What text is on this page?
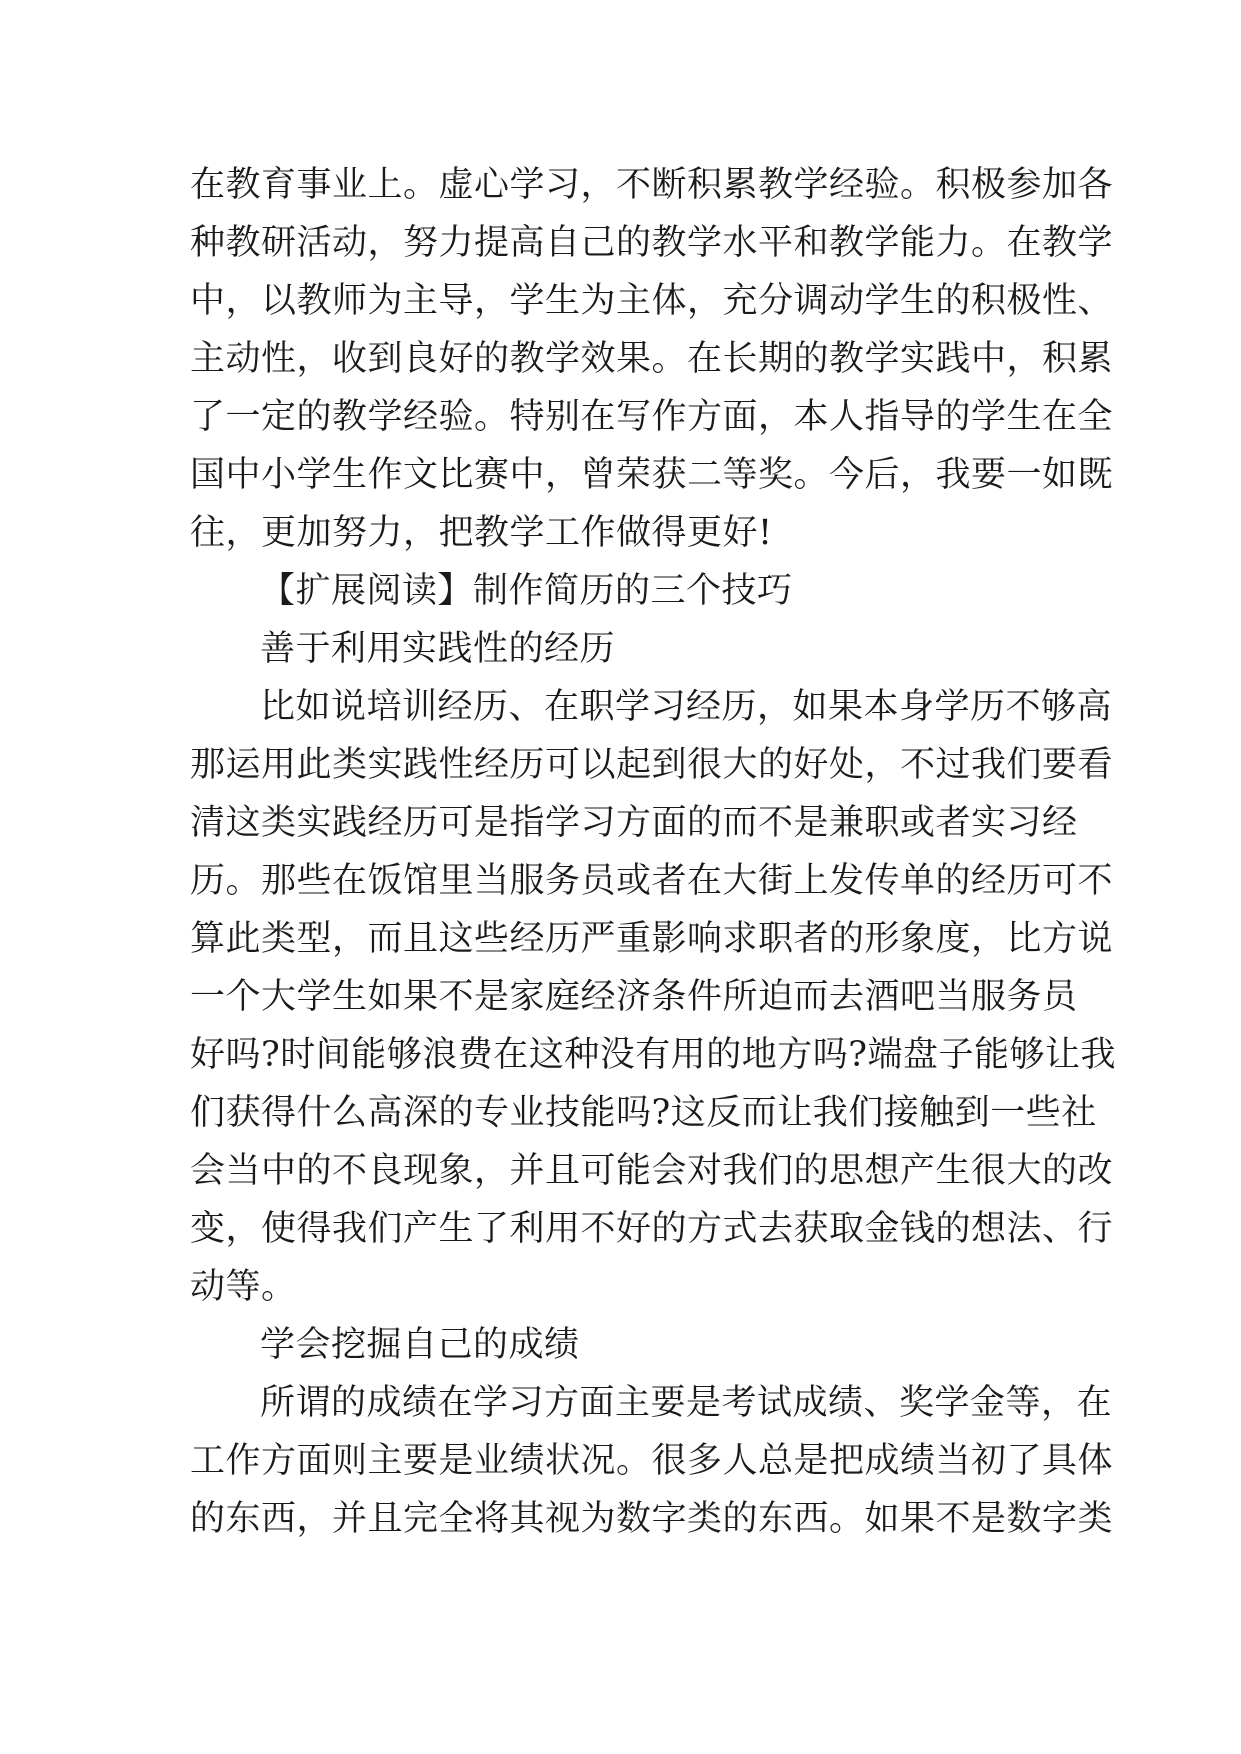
在教育事业上。虚心学习，不断积累教学经验。积极参加各
种教研活动，努力提高自己的教学水平和教学能力。在教学
中，以教师为主导，学生为主体，充分调动学生的积极性、
主动性，收到良好的教学效果。在长期的教学实践中，积累
了一定的教学经验。特别在写作方面，本人指导的学生在全
国中小学生作文比赛中，曾荣获二等奖。今后，我要一如既
往，更加努力，把教学工作做得更好!
【扩展阅读】制作简历的三个技巧
善于利用实践性的经历
比如说培训经历、在职学习经历，如果本身学历不够高
那运用此类实践性经历可以起到很大的好处，不过我们要看
清这类实践经历可是指学习方面的而不是兼职或者实习经
历。那些在饭馆里当服务员或者在大街上发传单的经历可不
算此类型，而且这些经历严重影响求职者的形象度，比方说
一个大学生如果不是家庭经济条件所迫而去酒吧当服务员
好吗?时间能够浪费在这种没有用的地方吗?端盘子能够让我
们获得什么高深的专业技能吗?这反而让我们接触到一些社
会当中的不良现象，并且可能会对我们的思想产生很大的改
变，使得我们产生了利用不好的方式去获取金钱的想法、行
动等。
学会挖掘自己的成绩
所谓的成绩在学习方面主要是考试成绩、奖学金等，在
工作方面则主要是业绩状况。很多人总是把成绩当初了具体
的东西，并且完全将其视为数字类的东西。如果不是数字类
